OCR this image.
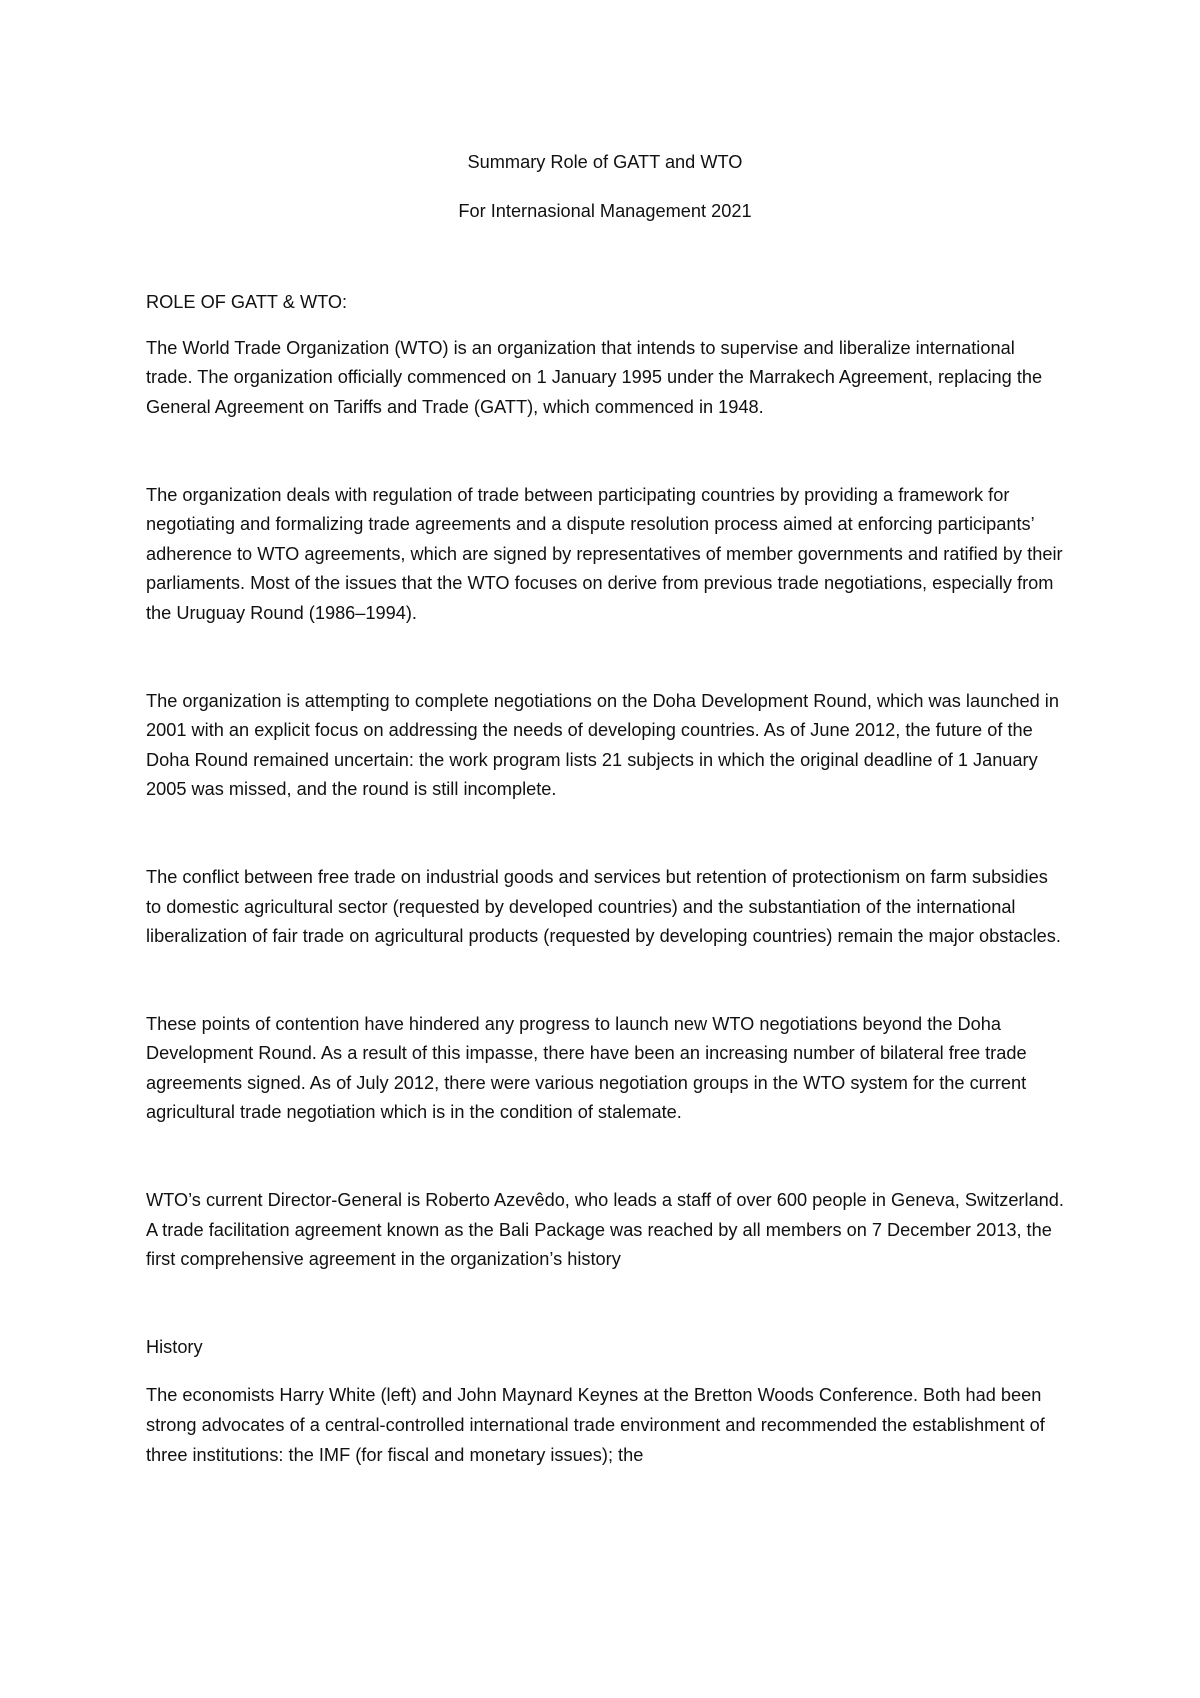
Summary Role of GATT and WTO

For Internasional Management 2021

ROLE OF GATT & WTO:

The World Trade Organization (WTO) is an organization that intends to supervise and liberalize international trade. The organization officially commenced on 1 January 1995 under the Marrakech Agreement, replacing the General Agreement on Tariffs and Trade (GATT), which commenced in 1948.

The organization deals with regulation of trade between participating countries by providing a framework for negotiating and formalizing trade agreements and a dispute resolution process aimed at enforcing participants’ adherence to WTO agreements, which are signed by representatives of member governments and ratified by their parliaments. Most of the issues that the WTO focuses on derive from previous trade negotiations, especially from the Uruguay Round (1986–1994).

The organization is attempting to complete negotiations on the Doha Development Round, which was launched in 2001 with an explicit focus on addressing the needs of developing countries. As of June 2012, the future of the Doha Round remained uncertain: the work program lists 21 subjects in which the original deadline of 1 January 2005 was missed, and the round is still incomplete.

The conflict between free trade on industrial goods and services but retention of protectionism on farm subsidies to domestic agricultural sector (requested by developed countries) and the substantiation of the international liberalization of fair trade on agricultural products (requested by developing countries) remain the major obstacles.

These points of contention have hindered any progress to launch new WTO negotiations beyond the Doha Development Round. As a result of this impasse, there have been an increasing number of bilateral free trade agreements signed. As of July 2012, there were various negotiation groups in the WTO system for the current agricultural trade negotiation which is in the condition of stalemate.

WTO’s current Director-General is Roberto Azevêdo, who leads a staff of over 600 people in Geneva, Switzerland. A trade facilitation agreement known as the Bali Package was reached by all members on 7 December 2013, the first comprehensive agreement in the organization’s history

History

The economists Harry White (left) and John Maynard Keynes at the Bretton Woods Conference. Both had been strong advocates of a central-controlled international trade environment and recommended the establishment of three institutions: the IMF (for fiscal and monetary issues); the
